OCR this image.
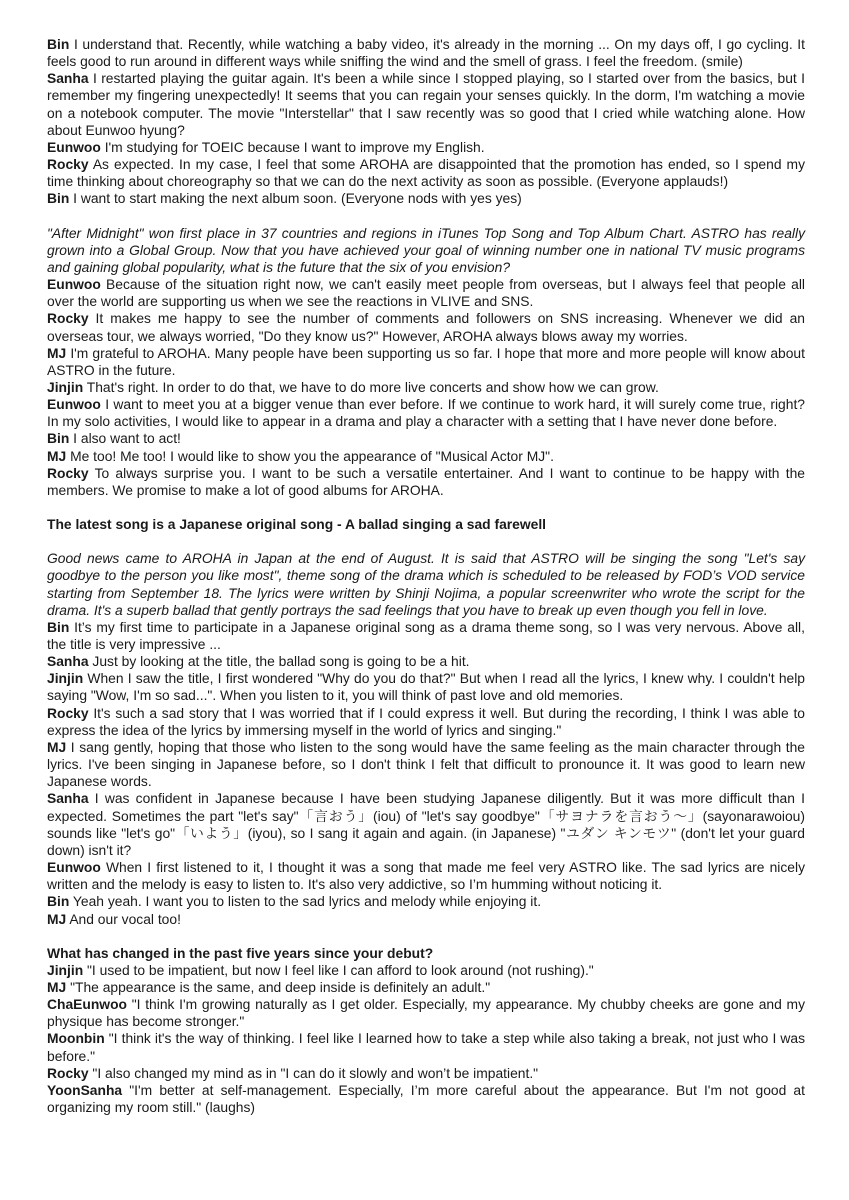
Bin I understand that. Recently, while watching a baby video, it's already in the morning ... On my days off, I go cycling. It feels good to run around in different ways while sniffing the wind and the smell of grass. I feel the freedom. (smile)

Sanha I restarted playing the guitar again. It's been a while since I stopped playing, so I started over from the basics, but I remember my fingering unexpectedly! It seems that you can regain your senses quickly. In the dorm, I'm watching a movie on a notebook computer. The movie "Interstellar" that I saw recently was so good that I cried while watching alone. How about Eunwoo hyung?

Eunwoo I'm studying for TOEIC because I want to improve my English.

Rocky As expected. In my case, I feel that some AROHA are disappointed that the promotion has ended, so I spend my time thinking about choreography so that we can do the next activity as soon as possible. (Everyone applauds!)

Bin I want to start making the next album soon. (Everyone nods with yes yes)

"After Midnight" won first place in 37 countries and regions in iTunes Top Song and Top Album Chart. ASTRO has really grown into a Global Group. Now that you have achieved your goal of winning number one in national TV music programs and gaining global popularity, what is the future that the six of you envision?

Eunwoo Because of the situation right now, we can't easily meet people from overseas, but I always feel that people all over the world are supporting us when we see the reactions in VLIVE and SNS.

Rocky It makes me happy to see the number of comments and followers on SNS increasing. Whenever we did an overseas tour, we always worried, "Do they know us?" However, AROHA always blows away my worries.

MJ I'm grateful to AROHA. Many people have been supporting us so far. I hope that more and more people will know about ASTRO in the future.

Jinjin That's right. In order to do that, we have to do more live concerts and show how we can grow.

Eunwoo I want to meet you at a bigger venue than ever before. If we continue to work hard, it will surely come true, right? In my solo activities, I would like to appear in a drama and play a character with a setting that I have never done before.

Bin I also want to act!

MJ Me too! Me too! I would like to show you the appearance of "Musical Actor MJ".

Rocky To always surprise you. I want to be such a versatile entertainer. And I want to continue to be happy with the members. We promise to make a lot of good albums for AROHA.

The latest song is a Japanese original song - A ballad singing a sad farewell

Good news came to AROHA in Japan at the end of August. It is said that ASTRO will be singing the song "Let's say goodbye to the person you like most", theme song of the drama which is scheduled to be released by FOD’s VOD service starting from September 18. The lyrics were written by Shinji Nojima, a popular screenwriter who wrote the script for the drama. It's a superb ballad that gently portrays the sad feelings that you have to break up even though you fell in love.

Bin It’s my first time to participate in a Japanese original song as a drama theme song, so I was very nervous. Above all, the title is very impressive ...

Sanha Just by looking at the title, the ballad song is going to be a hit.

Jinjin When I saw the title, I first wondered "Why do you do that?" But when I read all the lyrics, I knew why. I couldn't help saying "Wow, I'm so sad...". When you listen to it, you will think of past love and old memories.

Rocky It's such a sad story that I was worried that if I could express it well. But during the recording, I think I was able to express the idea of the lyrics by immersing myself in the world of lyrics and singing."

MJ I sang gently, hoping that those who listen to the song would have the same feeling as the main character through the lyrics. I've been singing in Japanese before, so I don't think I felt that difficult to pronounce it. It was good to learn new Japanese words.

Sanha I was confident in Japanese because I have been studying Japanese diligently. But it was more difficult than I expected. Sometimes the part "let's say"「言おう」(iou) of "let's say goodbye"「サヨナラを言おう～」(sayonarawoiou) sounds like "let's go"「いよう」(iyou), so I sang it again and again. (in Japanese) "ユダン キンモツ" (don't let your guard down) isn't it?

Eunwoo When I first listened to it, I thought it was a song that made me feel very ASTRO like. The sad lyrics are nicely written and the melody is easy to listen to. It's also very addictive, so I’m humming without noticing it.

Bin Yeah yeah. I want you to listen to the sad lyrics and melody while enjoying it.

MJ And our vocal too!

What has changed in the past five years since your debut?

Jinjin "I used to be impatient, but now I feel like I can afford to look around (not rushing)."

MJ "The appearance is the same, and deep inside is definitely an adult."

ChaEunwoo "I think I'm growing naturally as I get older. Especially, my appearance. My chubby cheeks are gone and my physique has become stronger."

Moonbin "I think it's the way of thinking. I feel like I learned how to take a step while also taking a break, not just who I was before."

Rocky "I also changed my mind as in "I can do it slowly and won’t be impatient."

YoonSanha "I'm better at self-management. Especially, I’m more careful about the appearance. But I'm not good at organizing my room still." (laughs)
